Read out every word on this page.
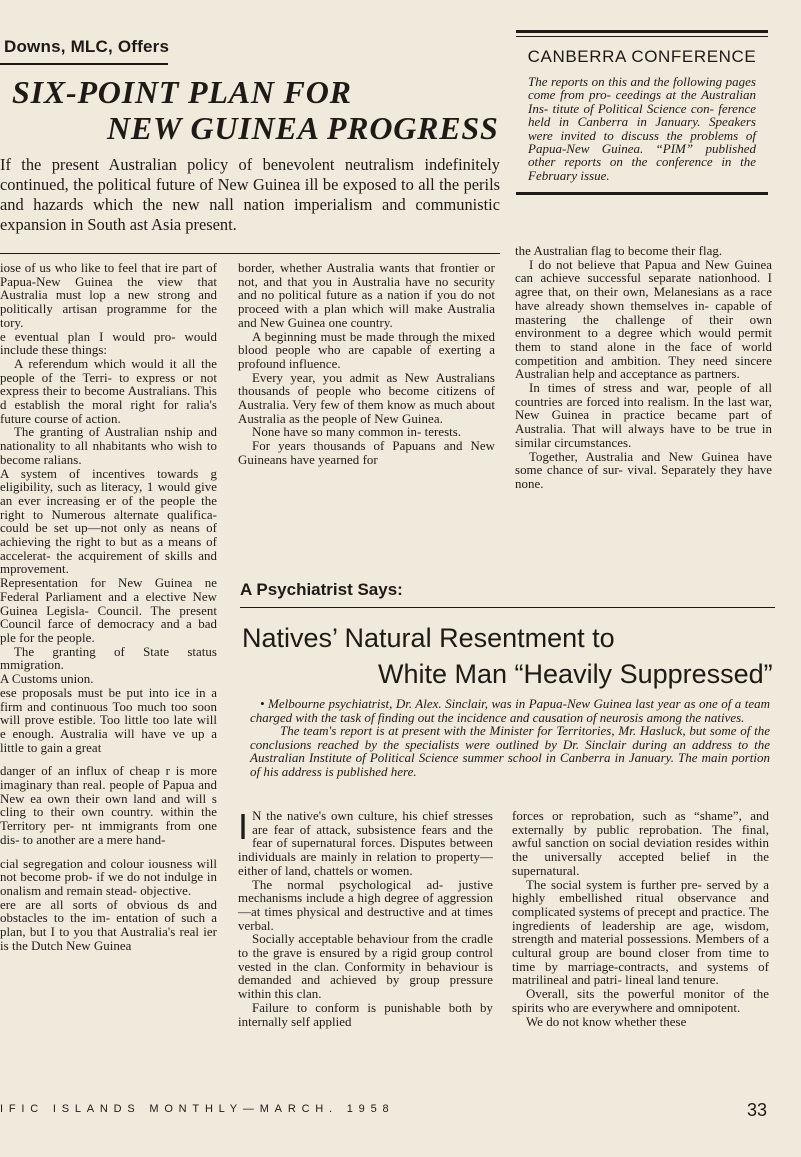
Downs, MLC, Offers
SIX-POINT PLAN FOR
NEW GUINEA PROGRESS
If the present Australian policy of benevolent neutralism indefinitely continued, the political future of New Guinea ill be exposed to all the perils and hazards which the new nall nation imperialism and communistic expansion in South ast Asia present.
CANBERRA CONFERENCE
The reports on this and the following pages come from pro- ceedings at the Australian Ins- titute of Political Science con- ference held in Canberra in January. Speakers were invited to discuss the problems of Papua-New Guinea. “PIM” published other reports on the conference in the February issue.

iose of us who like to feel that ire part of Papua-New Guinea the view that Australia must lop a new strong and politically artisan programme for the tory.

e eventual plan I would pro- would include these things:

A referendum which would it all the people of the Terri- to express or not express their to become Australians. This d establish the moral right for ralia's future course of action.

The granting of Australian nship and nationality to all nhabitants who wish to become ralians.

A system of incentives towards g eligibility, such as literacy, 1 would give an ever increasing er of the people the right to Numerous alternate qualifica- could be set up—not only as neans of achieving the right to but as a means of accelerat- the acquirement of skills and mprovement.

Representation for New Guinea ne Federal Parliament and a elective New Guinea Legisla- Council. The present Council farce of democracy and a bad ple for the people.

The granting of State status mmigration.

A Customs union.

ese proposals must be put into ice in a firm and continuous Too much too soon will prove estible. Too little too late will e enough. Australia will have ve up a little to gain a great

danger of an influx of cheap r is more imaginary than real. people of Papua and New ea own their own land and will s cling to their own country. within the Territory per- nt immigrants from one dis- to another are a mere hand-

cial segregation and colour iousness will not become prob- if we do not indulge in onalism and remain stead- objective.

ere are all sorts of obvious ds and obstacles to the im- entation of such a plan, but I to you that Australia's real ier is the Dutch New Guinea

border, whether Australia wants that frontier or not, and that you in Australia have no security and no political future as a nation if you do not proceed with a plan which will make Australia and New Guinea one country.

A beginning must be made through the mixed blood people who are capable of exerting a profound influence.

Every year, you admit as New Australians thousands of people who become citizens of Australia. Very few of them know as much about Australia as the people of New Guinea.

None have so many common in- terests.

For years thousands of Papuans and New Guineans have yearned for

the Australian flag to become their flag.

I do not believe that Papua and New Guinea can achieve successful separate nationhood. I agree that, on their own, Melanesians as a race have already shown themselves in- capable of mastering the challenge of their own environment to a degree which would permit them to stand alone in the face of world competition and ambition. They need sincere Australian help and acceptance as partners.

In times of stress and war, people of all countries are forced into realism. In the last war, New Guinea in practice became part of Australia. That will always have to be true in similar circumstances.

Together, Australia and New Guinea have some chance of sur- vival. Separately they have none.

A Psychiatrist Says:
Natives’ Natural Resentment to
White Man “Heavily Suppressed”
• Melbourne psychiatrist, Dr. Alex. Sinclair, was in Papua-New Guinea last year as one of a team charged with the task of finding out the incidence and causation of neurosis among the natives.
The team's report is at present with the Minister for Territories, Mr. Hasluck, but some of the conclusions reached by the specialists were outlined by Dr. Sinclair during an address to the Australian Institute of Political Science summer school in Canberra in January. The main portion of his address is published here.

I N the native's own culture, his chief stresses are fear of attack, subsistence fears and the fear of supernatural forces. Disputes between individuals are mainly in relation to property—either of land, chattels or women.

The normal psychological ad- justive mechanisms include a high degree of aggression—at times physical and destructive and at times verbal.

Socially acceptable behaviour from the cradle to the grave is ensured by a rigid group control vested in the clan. Conformity in behaviour is demanded and achieved by group pressure within this clan.

Failure to conform is punishable both by internally self applied

forces or reprobation, such as “shame”, and externally by public reprobation. The final, awful sanction on social deviation resides within the universally accepted belief in the supernatural.

The social system is further pre- served by a highly embellished ritual observance and complicated systems of precept and practice. The ingredients of leadership are age, wisdom, strength and material possessions. Members of a cultural group are bound closer from time to time by marriage-contracts, and systems of matrilineal and patri- lineal land tenure.

Overall, sits the powerful monitor of the spirits who are everywhere and omnipotent.

We do not know whether these

IFIC ISLANDS MONTHLY—MARCH. 1958	33
